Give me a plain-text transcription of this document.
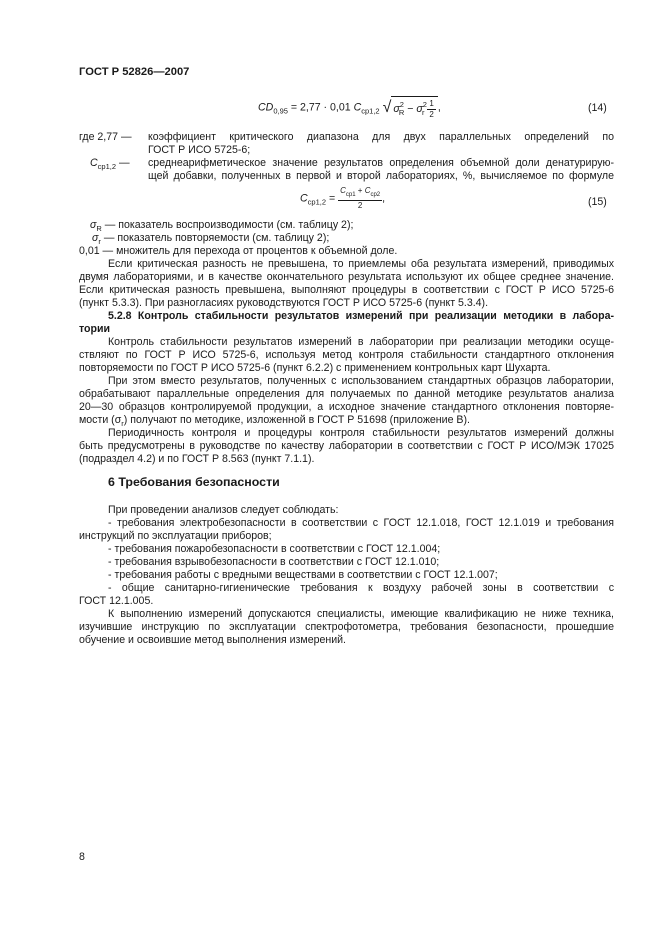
ГОСТ Р 52826—2007
$CD_{0,95} = 2,77 \cdot 0,01$ $C_{ср1,2}$ √ $\sigma^2_R - \sigma^2_r \frac{1}{2}$ ,	(14)
где 2,77 — коэффициент критического диапазона для двух параллельных определений по
ГОСТ Р ИСО 5725-6;
$C_{ср1,2}$ — среднеарифметическое значение результатов определения объемной доли денатурирую-
щей добавки, полученных в первой и второй лабораториях, %, вычисляемое по формуле
$C_{ср1,2} = \frac{C_{ср1} + C_{ср2}}{2}$ ,	(15)
$\sigma_R$ — показатель воспроизводимости (см. таблицу 2);
$\sigma_r$ — показатель повторяемости (см. таблицу 2);
0,01 — множитель для перехода от процентов к объемной доле.
Если критическая разность не превышена, то приемлемы оба результата измерений, приводимых
двумя лабораториями, и в качестве окончательного результата используют их общее среднее значение.
Если критическая разность превышена, выполняют процедуры в соответствии с ГОСТ Р ИСО 5725-6
(пункт 5.3.3). При разногласиях руководствуются ГОСТ Р ИСО 5725-6 (пункт 5.3.4).
5.2.8 Контроль стабильности результатов измерений при реализации методики в лабора-
тории
Контроль стабильности результатов измерений в лаборатории при реализации методики осуще-
ствляют по ГОСТ Р ИСО 5725-6, используя метод контроля стабильности стандартного отклонения
повторяемости по ГОСТ Р ИСО 5725-6 (пункт 6.2.2) с применением контрольных карт Шухарта.
При этом вместо результатов, полученных с использованием стандартных образцов лаборатории,
обрабатывают параллельные определения для получаемых по данной методике результатов анализа
20—30 образцов контролируемой продукции, а исходное значение стандартного отклонения повторяе-
мости $(\sigma_r)$ получают по методике, изложенной в ГОСТ Р 51698 (приложение В).
Периодичность контроля и процедуры контроля стабильности результатов измерений должны
быть предусмотрены в руководстве по качеству лаборатории в соответствии с ГОСТ Р ИСО/МЭК 17025
(подраздел 4.2) и по ГОСТ Р 8.563 (пункт 7.1.1).
6 Требования безопасности
При проведении анализов следует соблюдать:
- требования электробезопасности в соответствии с ГОСТ 12.1.018, ГОСТ 12.1.019 и требования
инструкций по эксплуатации приборов;
- требования пожаробезопасности в соответствии с ГОСТ 12.1.004;
- требования взрывобезопасности в соответствии с ГОСТ 12.1.010;
- требования работы с вредными веществами в соответствии с ГОСТ 12.1.007;
- общие санитарно-гигиенические требования к воздуху рабочей зоны в соответствии с
ГОСТ 12.1.005.
К выполнению измерений допускаются специалисты, имеющие квалификацию не ниже техника,
изучившие инструкцию по эксплуатации спектрофотометра, требования безопасности, прошедшие
обучение и освоившие метод выполнения измерений.
8
